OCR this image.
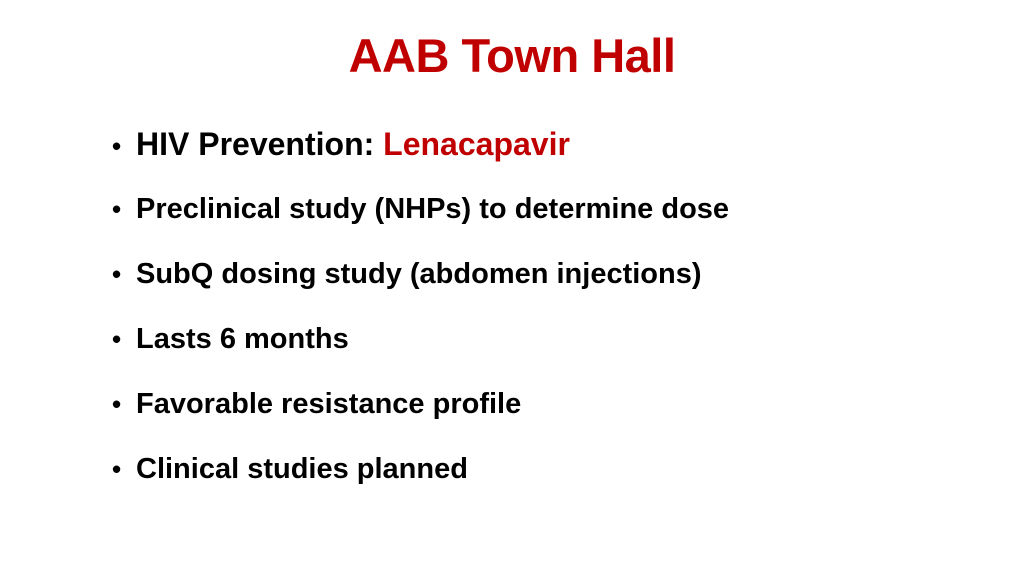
AAB Town Hall
• HIV Prevention: Lenacapavir
• Preclinical study (NHPs) to determine dose
• SubQ dosing study (abdomen injections)
• Lasts 6 months
• Favorable resistance profile
• Clinical studies planned
